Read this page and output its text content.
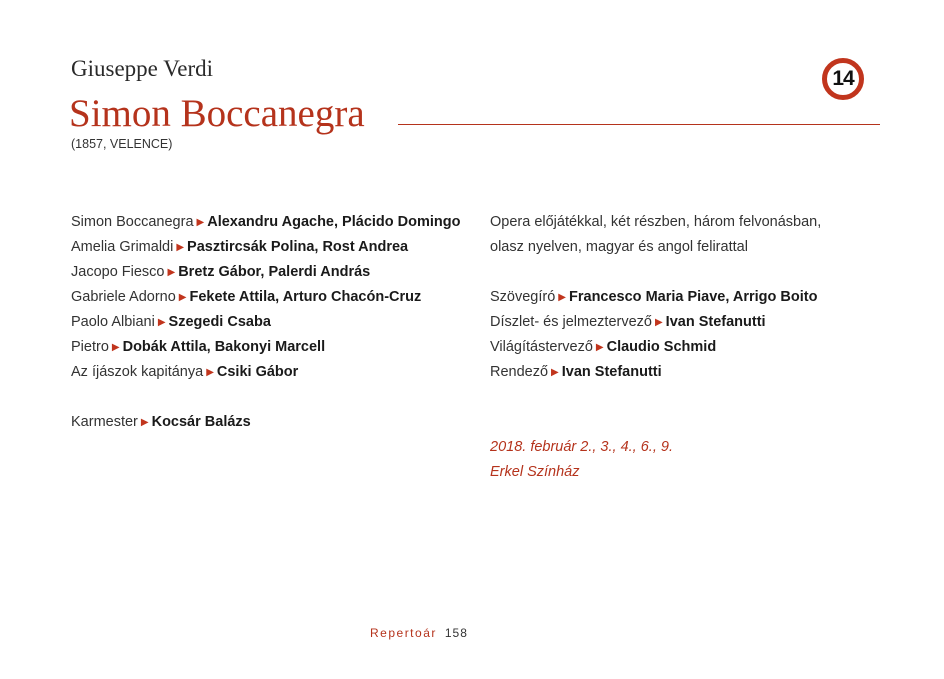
Giuseppe Verdi
Simon Boccanegra
(1857, VELENCE)
14
Simon Boccanegra ▶ Alexandru Agache, Plácido Domingo
Amelia Grimaldi ▶ Pasztircsák Polina, Rost Andrea
Jacopo Fiesco ▶ Bretz Gábor, Palerdi András
Gabriele Adorno ▶ Fekete Attila, Arturo Chacón-Cruz
Paolo Albiani ▶ Szegedi Csaba
Pietro ▶ Dobák Attila, Bakonyi Marcell
Az íjászok kapitánya ▶ Csiki Gábor
Karmester ▶ Kocsár Balázs
Opera előjátékkal, két részben, három felvonásban,
olasz nyelven, magyar és angol felirattal
Szövegíró ▶ Francesco Maria Piave, Arrigo Boito
Díszlet- és jelmeztervező ▶ Ivan Stefanutti
Világítástervező ▶ Claudio Schmid
Rendező ▶ Ivan Stefanutti
2018. február 2., 3., 4., 6., 9.
Erkel Színház
Repertoár 158
